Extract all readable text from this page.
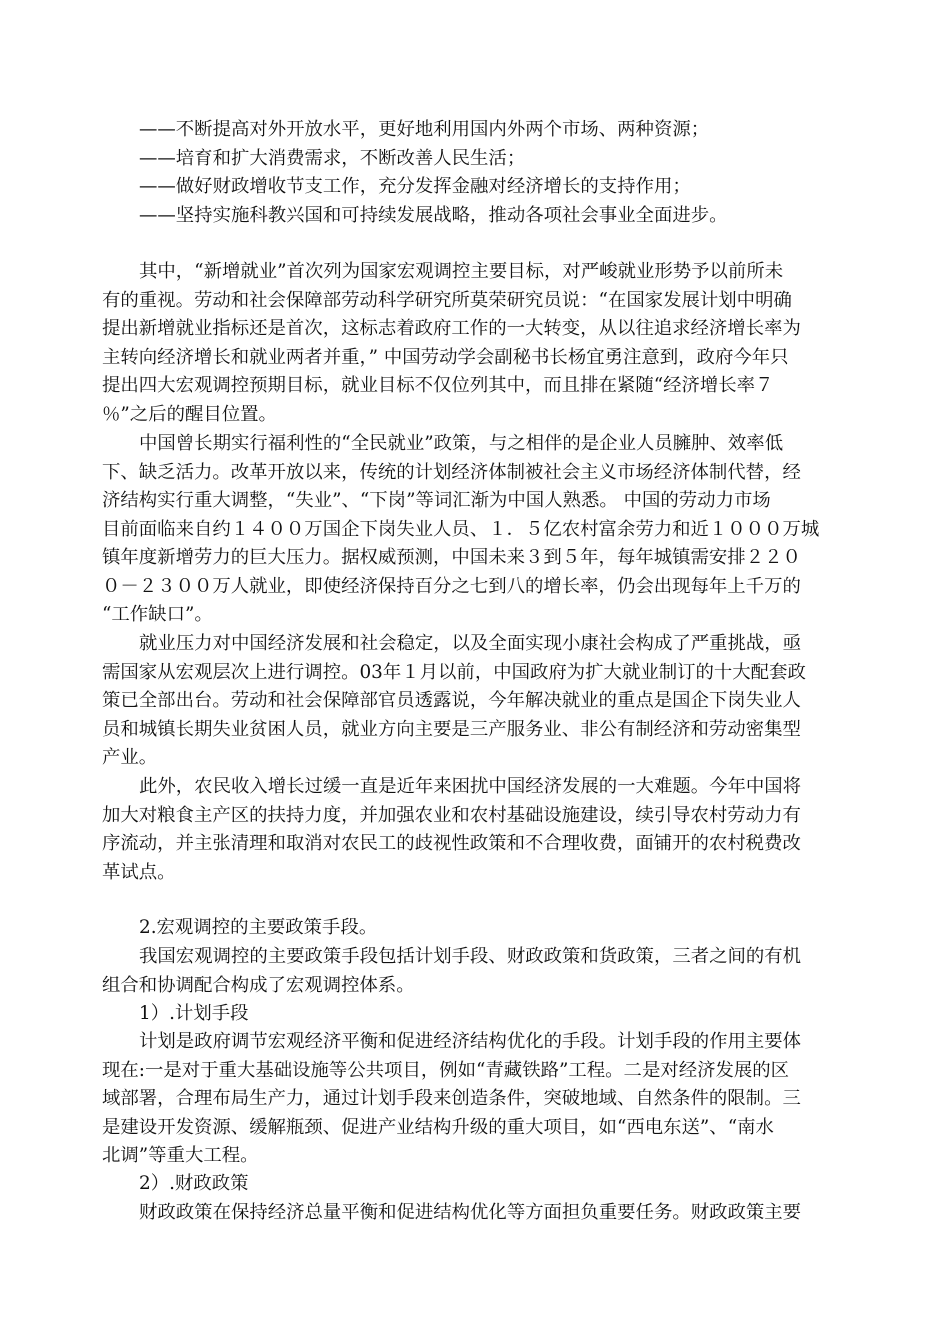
——不断提高对外开放水平，更好地利用国内外两个市场、两种资源；
——培育和扩大消费需求，不断改善人民生活；
——做好财政增收节支工作，充分发挥金融对经济增长的支持作用；
——坚持实施科教兴国和可持续发展战略，推动各项社会事业全面进步。
其中，“新增就业”首次列为国家宏观调控主要目标，对严峻就业形势予以前所未
有的重视。劳动和社会保障部劳动科学研究所莫荣研究员说：“在国家发展计划中明确
提出新增就业指标还是首次，这标志着政府工作的一大转变，从以往追求经济增长率为
主转向经济增长和就业两者并重，” 中国劳动学会副秘书长杨宜勇注意到，政府今年只
提出四大宏观调控预期目标，就业目标不仅位列其中，而且排在紧随“经济增长率７
％”之后的醒目位置。
中国曾长期实行福利性的“全民就业”政策，与之相伴的是企业人员臃肿、效率低
下、缺乏活力。改革开放以来，传统的计划经济体制被社会主义市场经济体制代替，经
济结构实行重大调整，“失业”、“下岗”等词汇渐为中国人熟悉。 中国的劳动力市场
目前面临来自约１４００万国企下岗失业人员、１．５亿农村富余劳力和近１０００万城
镇年度新增劳力的巨大压力。据权威预测，中国未来３到５年，每年城镇需安排２２０
０－２３００万人就业，即使经济保持百分之七到八的增长率，仍会出现每年上千万的
“工作缺口”。
就业压力对中国经济发展和社会稳定，以及全面实现小康社会构成了严重挑战，亟
需国家从宏观层次上进行调控。03年１月以前，中国政府为扩大就业制订的十大配套政
策已全部出台。劳动和社会保障部官员透露说，今年解决就业的重点是国企下岗失业人
员和城镇长期失业贫困人员，就业方向主要是三产服务业、非公有制经济和劳动密集型
产业。
此外，农民收入增长过缓一直是近年来困扰中国经济发展的一大难题。今年中国将
加大对粮食主产区的扶持力度，并加强农业和农村基础设施建设，续引导农村劳动力有
序流动，并主张清理和取消对农民工的歧视性政策和不合理收费，面铺开的农村税费改
革试点。
2.宏观调控的主要政策手段。
我国宏观调控的主要政策手段包括计划手段、财政政策和货政策，三者之间的有机
组合和协调配合构成了宏观调控体系。
1）.计划手段
计划是政府调节宏观经济平衡和促进经济结构优化的手段。计划手段的作用主要体
现在:一是对于重大基础设施等公共项目，例如“青藏铁路”工程。二是对经济发展的区
域部署，合理布局生产力，通过计划手段来创造条件，突破地域、自然条件的限制。三
是建设开发资源、缓解瓶颈、促进产业结构升级的重大项目，如“西电东送”、“南水
北调”等重大工程。
2）.财政政策
财政政策在保持经济总量平衡和促进结构优化等方面担负重要任务。财政政策主要
